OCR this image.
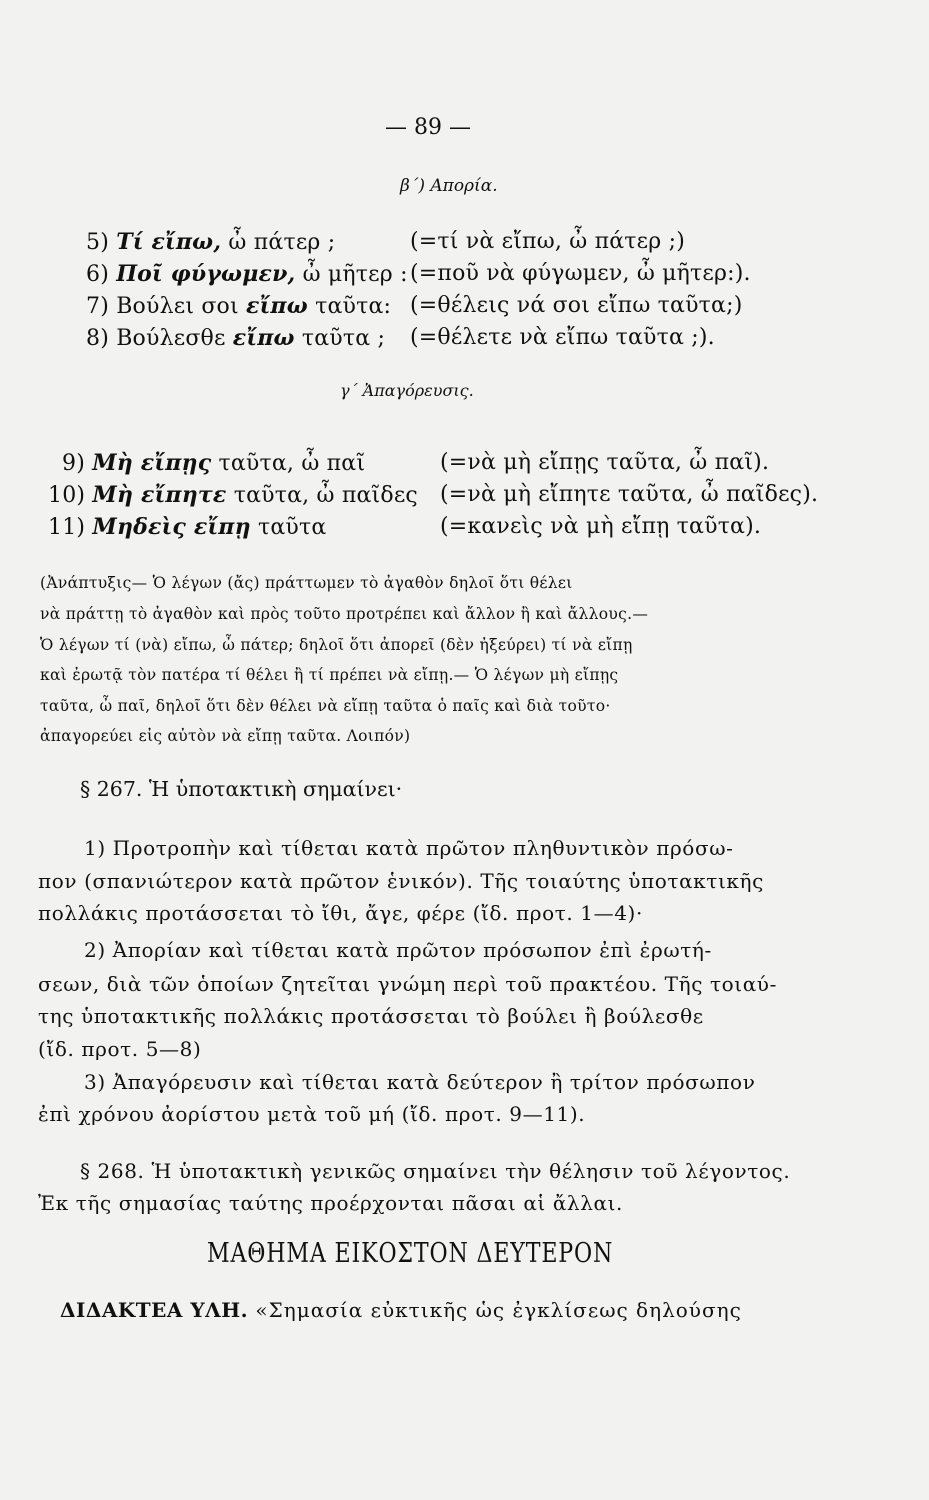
— 89 —
β΄) Απορία.
5) Τί εἴπω, ὦ πάτερ ;	(=τί νὰ εἴπω, ὦ πάτερ ;)
6) Ποῖ φύγωμεν, ὦ μῆτερ : (=ποῦ νὰ φύγωμεν, ὦ μῆτερ:).
7) Βούλει σοι εἴπω ταῦτα: (=θέλεις νά σοι εἴπω ταῦτα;)
8) Βούλεσθε εἴπω ταῦτα ; (=θέλετε νὰ εἴπω ταῦτα ;).
γ΄ Ἀπαγόρευσις.
9) Μὴ εἴπῃς ταῦτα, ὦ παῖ	(=νὰ μὴ εἴπῃς ταῦτα, ὦ παῖ).
10) Μὴ εἴπητε ταῦτα, ὦ παῖδες (=νὰ μὴ εἴπητε ταῦτα, ὦ παῖδες).
11) Μηδεὶς εἴπῃ ταῦτα	(=κανεὶς νὰ μὴ εἴπῃ ταῦτα).
(Ἀνάπτυξις— Ὁ λέγων (ἄς) πράττωμεν τὸ ἀγαθὸν δηλοῖ ὅτι θέλει
νὰ πράττῃ τὸ ἀγαθὸν καὶ πρὸς τοῦτο προτρέπει καὶ ἄλλον ἢ καὶ ἄλλους.—
Ὁ λέγων τί (νὰ) εἴπω, ὦ πάτερ; δηλοῖ ὅτι ἀπορεῖ (δὲν ἠξεύρει) τί νὰ εἴπῃ
καὶ ἐρωτᾷ τὸν πατέρα τί θέλει ἢ τί πρέπει νὰ εἴπῃ.— Ὁ λέγων μὴ εἴπῃς
ταῦτα, ὦ παῖ, δηλοῖ ὅτι δὲν θέλει νὰ εἴπῃ ταῦτα ὁ παῖς καὶ διὰ τοῦτο·
ἀπαγορεύει εἰς αὐτὸν νὰ εἴπῃ ταῦτα. Λοιπόν)
§ 267. Ἡ ὑποτακτικὴ σημαίνει·
1) Προτροπὴν καὶ τίθεται κατὰ πρῶτον πληθυντικὸν πρόσω-
πον (σπανιώτερον κατὰ πρῶτον ἑνικόν). Τῆς τοιαύτης ὑποτακτικῆς
πολλάκις προτάσσεται τὸ ἴθι, ἄγε, φέρε (ἴδ. προτ. 1—4)·
2) Ἀπορίαν καὶ τίθεται κατὰ πρῶτον πρόσωπον ἐπὶ ἐρωτή-
σεων, διὰ τῶν ὁποίων ζητεῖται γνώμη περὶ τοῦ πρακτέου. Τῆς τοιαύ-
της ὑποτακτικῆς πολλάκις προτάσσεται τὸ βούλει ἢ βούλεσθε
(ἴδ. προτ. 5—8)
3) Ἀπαγόρευσιν καὶ τίθεται κατὰ δεύτερον ἢ τρίτον πρόσωπον
ἐπὶ χρόνου ἀορίστου μετὰ τοῦ μή (ἴδ. προτ. 9—11).
§ 268. Ἡ ὑποτακτικὴ γενικῶς σημαίνει τὴν θέλησιν τοῦ λέγοντος.
Ἐκ τῆς σημασίας ταύτης προέρχονται πᾶσαι αἱ ἄλλαι.
ΜΑΘΗΜΑ ΕΙΚΟΣΤΟΝ ΔΕΥΤΕΡΟΝ
ΔΙΔΑΚΤΕΑ ΥΛΗ. «Σημασία εὐκτικῆς ὡς ἐγκλίσεως δηλούσης
